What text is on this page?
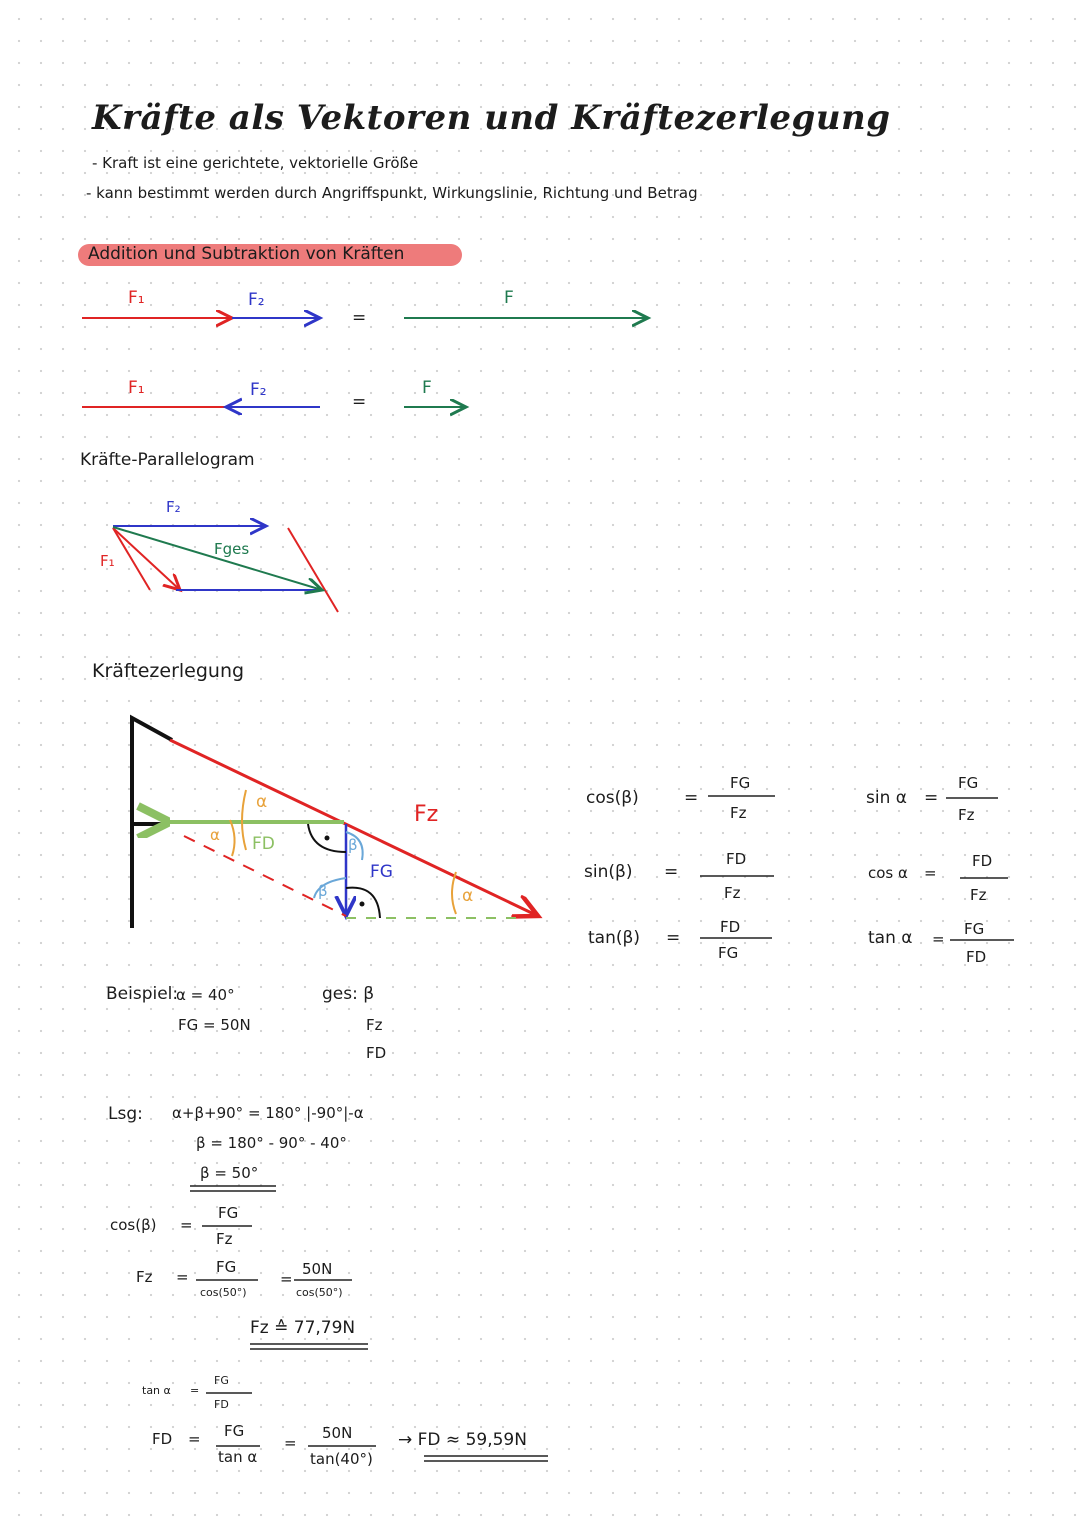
Kräfte als Vektoren und Kräftezerlegung
- Kraft ist eine gerichtete, vektorielle Größe
- kann bestimmt werden durch Angriffspunkt, Wirkungslinie, Richtung und Betrag
Addition und Subtraktion von Kräften
F₁	F₂
=
F
F₁	F₂
=
F
Kräfte-Parallelogram
F₂
F₁
Fges
Kräftezerlegung
α
α
α
FD	β
β
FG
Fz
cos(β)	=
FG
Fz
sin(β) =
FD
Fz
tan(β) =
FD
FG
sin α =
FG
Fz
cos α =
FD
Fz
tan α =
FG
FD
Beispiel:
α = 40°
FG = 50N
ges: β
Fz
FD
Lsg: α+β+90° = 180° |-90°|-α
β = 180° - 90° - 40°
β = 50°
cos(β) =
FG
Fz
Fz =
FG
cos(50°)
=
50N
cos(50°)
Fz ≙ 77,79N
tan α =
FG
FD
FD = FG
tan α
=
50N
tan(40°)
→ FD ≈ 59,59N
